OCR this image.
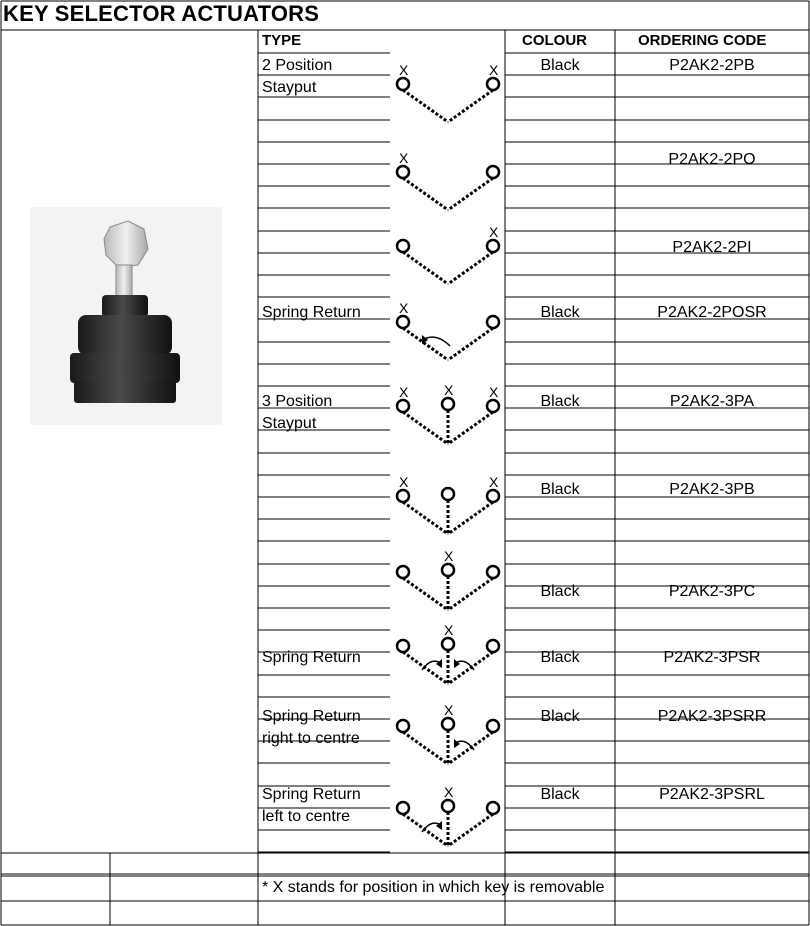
KEY SELECTOR ACTUATORS
TYPE	COLOUR	ORDERING CODE
2 Position
Stayput
Black	P2AK2-2PB
P2AK2-2PO
P2AK2-2PI
Spring Return	Black	P2AK2-2POSR
3 Position
Stayput
Black	P2AK2-3PA
Black	P2AK2-3PB
Black	P2AK2-3PC
Spring Return	Black	P2AK2-3PSR
Spring Return
right to centre
Black	P2AK2-3PSRR
Spring Return
left to centre
Black	P2AK2-3PSRL
* X stands for position in which key is removable
X	X
X
X
X
X	X	X
X	X
X
X
X
X
